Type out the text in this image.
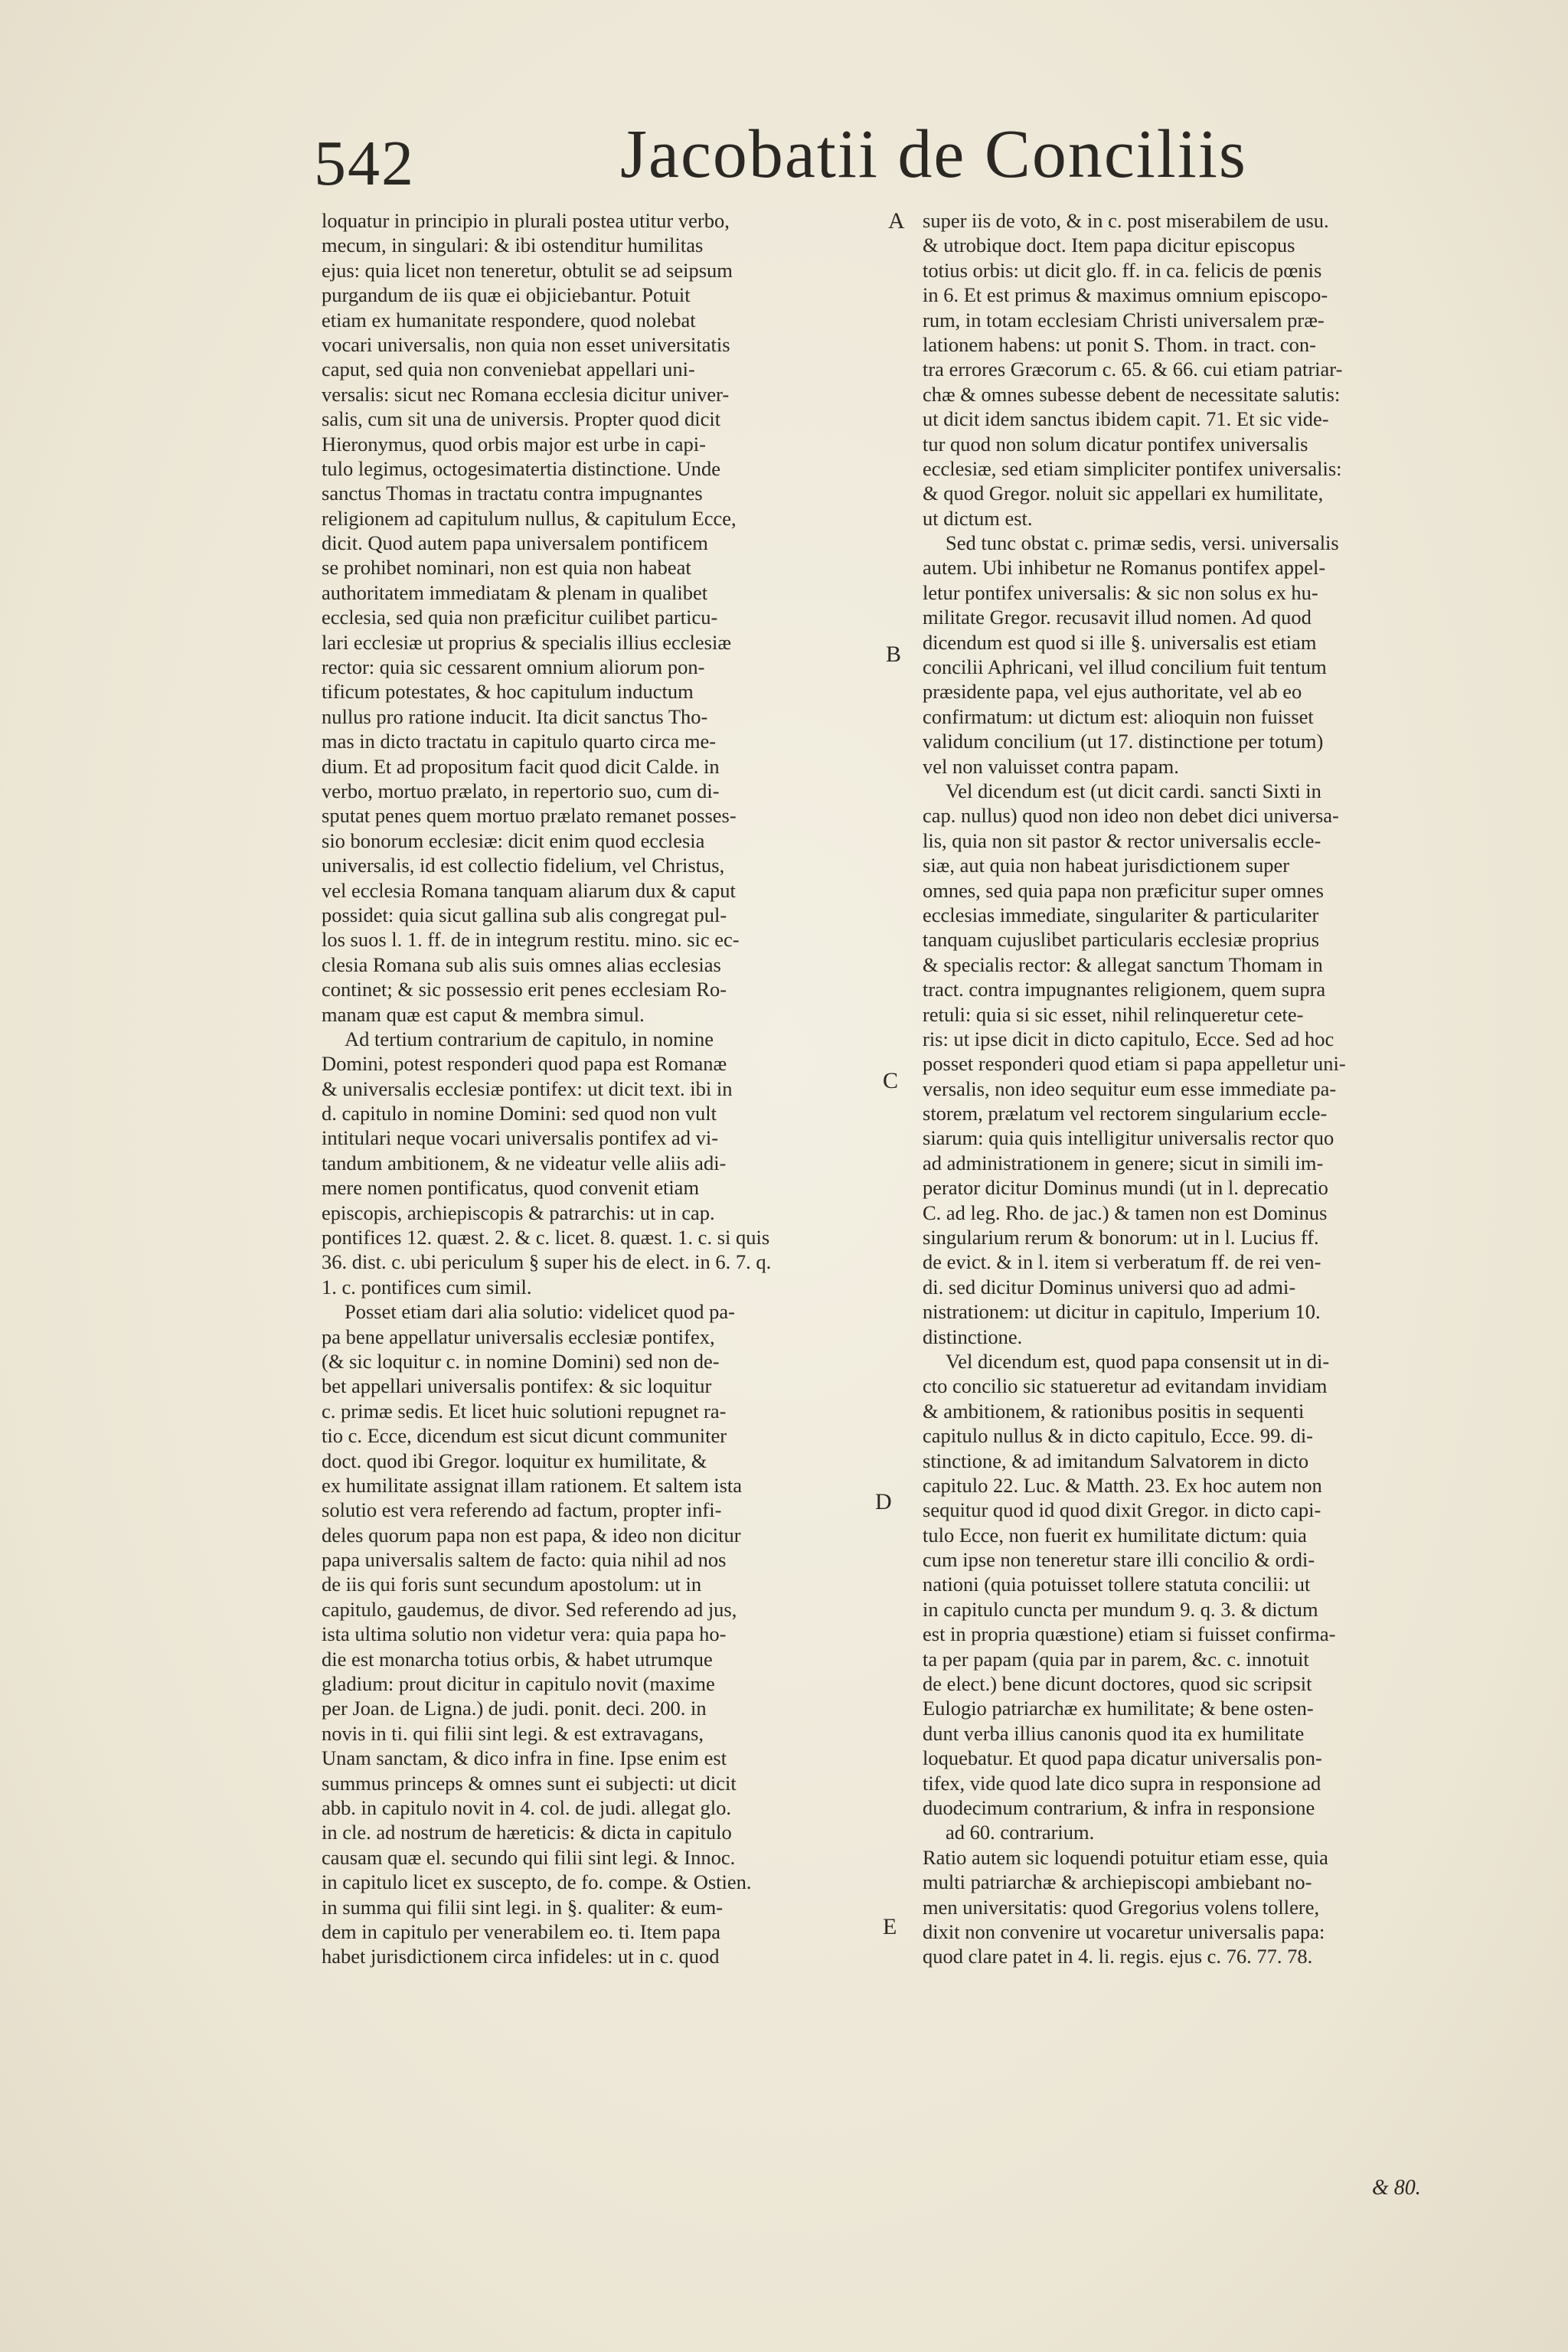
542	Jacobatii de Conciliis
loquatur in principio in plurali postea utitur verbo,
mecum, in singulari: & ibi ostenditur humilitas
ejus: quia licet non teneretur, obtulit se ad seipsum
purgandum de iis quæ ei objiciebantur. Potuit
etiam ex humanitate respondere, quod nolebat
vocari universalis, non quia non esset universitatis
caput, sed quia non conveniebat appellari uni-
versalis: sicut nec Romana ecclesia dicitur univer-
salis, cum sit una de universis. Propter quod dicit
Hieronymus, quod orbis major est urbe in capi-
tulo legimus, octogesimatertia distinctione. Unde
sanctus Thomas in tractatu contra impugnantes
religionem ad capitulum nullus, & capitulum Ecce,
dicit. Quod autem papa universalem pontificem
se prohibet nominari, non est quia non habeat
authoritatem immediatam & plenam in qualibet
ecclesia, sed quia non præficitur cuilibet particu-
lari ecclesiæ ut proprius & specialis illius ecclesiæ
rector: quia sic cessarent omnium aliorum pon-
tificum potestates, & hoc capitulum inductum
nullus pro ratione inducit. Ita dicit sanctus Tho-
mas in dicto tractatu in capitulo quarto circa me-
dium. Et ad propositum facit quod dicit Calde. in
verbo, mortuo prælato, in repertorio suo, cum di-
sputat penes quem mortuo prælato remanet posses-
sio bonorum ecclesiæ: dicit enim quod ecclesia
universalis, id est collectio fidelium, vel Christus,
vel ecclesia Romana tanquam aliarum dux & caput
possidet: quia sicut gallina sub alis congregat pul-
los suos l. 1. ff. de in integrum restitu. mino. sic ec-
clesia Romana sub alis suis omnes alias ecclesias
continet; & sic possessio erit penes ecclesiam Ro-
manam quæ est caput & membra simul.
Ad tertium contrarium de capitulo, in nomine
Domini, potest responderi quod papa est Romanæ
& universalis ecclesiæ pontifex: ut dicit text. ibi in
d. capitulo in nomine Domini: sed quod non vult
intitulari neque vocari universalis pontifex ad vi-
tandum ambitionem, & ne videatur velle aliis adi-
mere nomen pontificatus, quod convenit etiam
episcopis, archiepiscopis & patrarchis: ut in cap.
pontifices 12. quæst. 2. & c. licet. 8. quæst. 1. c. si quis
36. dist. c. ubi periculum § super his de elect. in 6. 7. q.
1. c. pontifices cum simil.
Posset etiam dari alia solutio: videlicet quod pa-
pa bene appellatur universalis ecclesiæ pontifex,
(& sic loquitur c. in nomine Domini) sed non de-
bet appellari universalis pontifex: & sic loquitur
c. primæ sedis. Et licet huic solutioni repugnet ra-
tio c. Ecce, dicendum est sicut dicunt communiter
doct. quod ibi Gregor. loquitur ex humilitate, &
ex humilitate assignat illam rationem. Et saltem ista
solutio est vera referendo ad factum, propter infi-
deles quorum papa non est papa, & ideo non dicitur
papa universalis saltem de facto: quia nihil ad nos
de iis qui foris sunt secundum apostolum: ut in
capitulo, gaudemus, de divor. Sed referendo ad jus,
ista ultima solutio non videtur vera: quia papa ho-
die est monarcha totius orbis, & habet utrumque
gladium: prout dicitur in capitulo novit (maxime
per Joan. de Ligna.) de judi. ponit. deci. 200. in
novis in ti. qui filii sint legi. & est extravagans,
Unam sanctam, & dico infra in fine. Ipse enim est
summus princeps & omnes sunt ei subjecti: ut dicit
abb. in capitulo novit in 4. col. de judi. allegat glo.
in cle. ad nostrum de hæreticis: & dicta in capitulo
causam quæ el. secundo qui filii sint legi. & Innoc.
in capitulo licet ex suscepto, de fo. compe. & Ostien.
in summa qui filii sint legi. in §. qualiter: & eum-
dem in capitulo per venerabilem eo. ti. Item papa
habet jurisdictionem circa infideles: ut in c. quod
super iis de voto, & in c. post miserabilem de usu.
& utrobique doct. Item papa dicitur episcopus
totius orbis: ut dicit glo. ff. in ca. felicis de pœnis
in 6. Et est primus & maximus omnium episcopo-
rum, in totam ecclesiam Christi universalem præ-
lationem habens: ut ponit S. Thom. in tract. con-
tra errores Græcorum c. 65. & 66. cui etiam patriar-
chæ & omnes subesse debent de necessitate salutis:
ut dicit idem sanctus ibidem capit. 71. Et sic vide-
tur quod non solum dicatur pontifex universalis
ecclesiæ, sed etiam simpliciter pontifex universalis:
& quod Gregor. noluit sic appellari ex humilitate,
ut dictum est.
Sed tunc obstat c. primæ sedis, versi. universalis
autem. Ubi inhibetur ne Romanus pontifex appel-
letur pontifex universalis: & sic non solus ex hu-
militate Gregor. recusavit illud nomen. Ad quod
dicendum est quod si ille §. universalis est etiam
concilii Aphricani, vel illud concilium fuit tentum
præsidente papa, vel ejus authoritate, vel ab eo
confirmatum: ut dictum est: alioquin non fuisset
validum concilium (ut 17. distinctione per totum)
vel non valuisset contra papam.
Vel dicendum est (ut dicit cardi. sancti Sixti in
cap. nullus) quod non ideo non debet dici universa-
lis, quia non sit pastor & rector universalis eccle-
siæ, aut quia non habeat jurisdictionem super
omnes, sed quia papa non præficitur super omnes
ecclesias immediate, singulariter & particulariter
tanquam cujuslibet particularis ecclesiæ proprius
& specialis rector: & allegat sanctum Thomam in
tract. contra impugnantes religionem, quem supra
retuli: quia si sic esset, nihil relinqueretur cete-
ris: ut ipse dicit in dicto capitulo, Ecce. Sed ad hoc
posset responderi quod etiam si papa appelletur uni-
versalis, non ideo sequitur eum esse immediate pa-
storem, prælatum vel rectorem singularium eccle-
siarum: quia quis intelligitur universalis rector quo
ad administrationem in genere; sicut in simili im-
perator dicitur Dominus mundi (ut in l. deprecatio
C. ad leg. Rho. de jac.) & tamen non est Dominus
singularium rerum & bonorum: ut in l. Lucius ff.
de evict. & in l. item si verberatum ff. de rei ven-
di. sed dicitur Dominus universi quo ad admi-
nistrationem: ut dicitur in capitulo, Imperium 10.
distinctione.
Vel dicendum est, quod papa consensit ut in di-
cto concilio sic statueretur ad evitandam invidiam
& ambitionem, & rationibus positis in sequenti
capitulo nullus & in dicto capitulo, Ecce. 99. di-
stinctione, & ad imitandum Salvatorem in dicto
capitulo 22. Luc. & Matth. 23. Ex hoc autem non
sequitur quod id quod dixit Gregor. in dicto capi-
tulo Ecce, non fuerit ex humilitate dictum: quia
cum ipse non teneretur stare illi concilio & ordi-
nationi (quia potuisset tollere statuta concilii: ut
in capitulo cuncta per mundum 9. q. 3. & dictum
est in propria quæstione) etiam si fuisset confirma-
ta per papam (quia par in parem, &c. c. innotuit
de elect.) bene dicunt doctores, quod sic scripsit
Eulogio patriarchæ ex humilitate; & bene osten-
dunt verba illius canonis quod ita ex humilitate
loquebatur. Et quod papa dicatur universalis pon-
tifex, vide quod late dico supra in responsione ad
duodecimum contrarium, & infra in responsione
ad 60. contrarium.
Ratio autem sic loquendi potuitur etiam esse, quia
multi patriarchæ & archiepiscopi ambiebant no-
men universitatis: quod Gregorius volens tollere,
dixit non convenire ut vocaretur universalis papa:
quod clare patet in 4. li. regis. ejus c. 76. 77. 78.
A
B
C
D
E
& 80.
